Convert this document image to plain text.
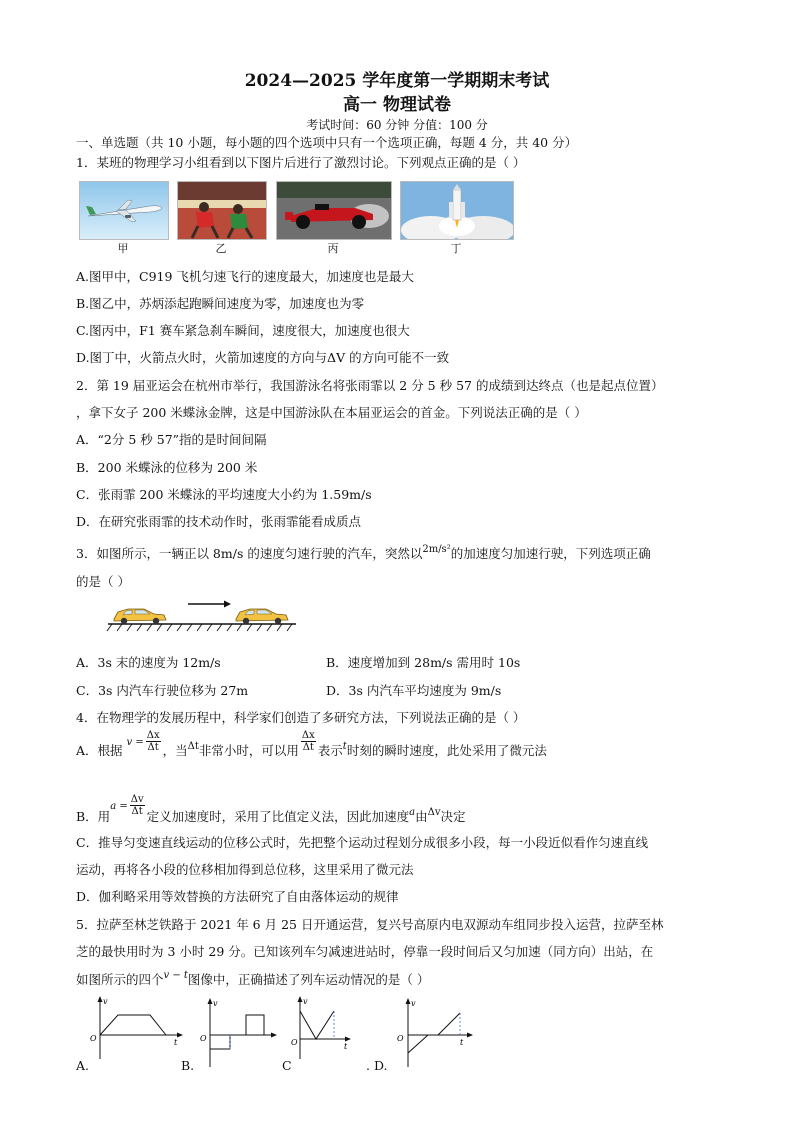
2024—2025 学年度第一学期期末考试
高一 物理试卷
考试时间：60 分钟 分值：100 分
一、单选题（共 10 小题，每小题的四个选项中只有一个选项正确，每题 4 分，共 40 分）
1．某班的物理学习小组看到以下图片后进行了激烈讨论。下列观点正确的是（ ）
甲	乙	丙	丁
A.图甲中，C919 飞机匀速飞行的速度最大，加速度也是最大
B.图乙中，苏炳添起跑瞬间速度为零，加速度也为零
C.图丙中，F1 赛车紧急刹车瞬间，速度很大，加速度也很大
D.图丁中，火箭点火时，火箭加速度的方向与ΔV 的方向可能不一致
2．第 19 届亚运会在杭州市举行，我国游泳名将张雨霏以 2 分 5 秒 57 的成绩到达终点（也是起点位置）
，拿下女子 200 米蝶泳金牌，这是中国游泳队在本届亚运会的首金。下列说法正确的是（ ）
A．“2分 5 秒 57”指的是时间间隔
B．200 米蝶泳的位移为 200 米
C．张雨霏 200 米蝶泳的平均速度大小约为 1.59m/s
D．在研究张雨霏的技术动作时，张雨霏能看成质点
3．如图所示，一辆正以 8m/s 的速度匀速行驶的汽车，突然以$^{2m/s^2}$的加速度匀加速行驶，下列选项正确
的是（ ）
A．3s 末的速度为 12m/s	B．速度增加到 28m/s 需用时 10s
C．3s 内汽车行驶位移为 27m	D．3s 内汽车平均速度为 9m/s
4．在物理学的发展历程中，科学家们创造了多研究方法，下列说法正确的是（ ）
A．根据 $^{v =} \frac{\Delta x}{\Delta t}$ ，当$^{\Delta t}$非常小时，可以用 $\frac{\Delta x}{\Delta t}$ 表示$^t$时刻的瞬时速度，此处采用了微元法
B．用$^{a =} \frac{\Delta v}{\Delta t}$ 定义加速度时，采用了比值定义法，因此加速度$^a$由$^{\Delta v}$决定
C．推导匀变速直线运动的位移公式时，先把整个运动过程划分成很多小段，每一小段近似看作匀速直线
运动，再将各小段的位移相加得到总位移，这里采用了微元法
D．伽利略采用等效替换的方法研究了自由落体运动的规律
5．拉萨至林芝铁路于 2021 年 6 月 25 日开通运营，复兴号高原内电双源动车组同步投入运营，拉萨至林
芝的最快用时为 3 小时 29 分。已知该列车匀减速进站时，停靠一段时间后又匀加速（同方向）出站，在
如图所示的四个$^{v - t}$图像中，正确描述了列车运动情况的是（ ）
v
t
O
v
O
v
t
O
v
t
O
A.	B.	C	. D.
